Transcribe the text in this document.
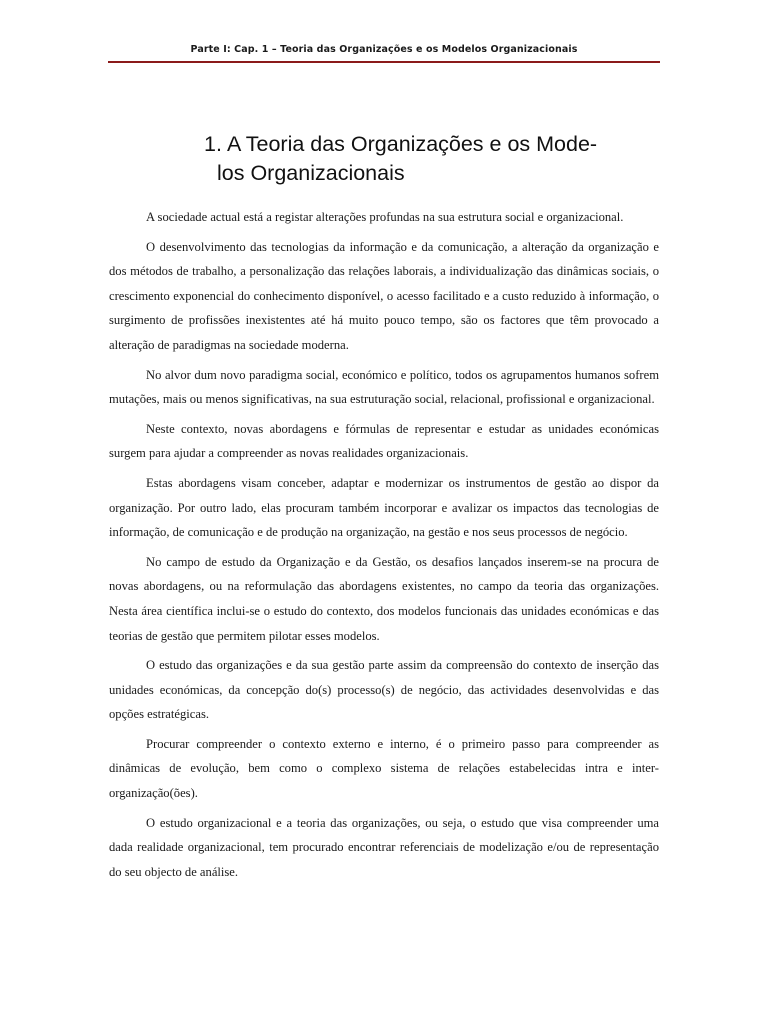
Parte I: Cap. 1 – Teoria das Organizações e os Modelos Organizacionais
1. A Teoria das Organizações e os Mode-
los Organizacionais

A sociedade actual está a registar alterações profundas na sua estrutura social e organizacional.

O desenvolvimento das tecnologias da informação e da comunicação, a alteração da organização e dos métodos de trabalho, a personalização das relações laborais, a individualização das dinâmicas sociais, o crescimento exponencial do conhecimento disponível, o acesso facilitado e a custo reduzido à informação, o surgimento de profissões inexistentes até há muito pouco tempo, são os factores que têm provocado a alteração de paradigmas na sociedade moderna.

No alvor dum novo paradigma social, económico e político, todos os agrupamentos humanos sofrem mutações, mais ou menos significativas, na sua estruturação social, relacional, profissional e organizacional.

Neste contexto, novas abordagens e fórmulas de representar e estudar as unidades económicas surgem para ajudar a compreender as novas realidades organizacionais.

Estas abordagens visam conceber, adaptar e modernizar os instrumentos de gestão ao dispor da organização. Por outro lado, elas procuram também incorporar e avalizar os impactos das tecnologias de informação, de comunicação e de produção na organização, na gestão e nos seus processos de negócio.

No campo de estudo da Organização e da Gestão, os desafios lançados inserem-se na procura de novas abordagens, ou na reformulação das abordagens existentes, no campo da teoria das organizações. Nesta área científica inclui-se o estudo do contexto, dos modelos funcionais das unidades económicas e das teorias de gestão que permitem pilotar esses modelos.

O estudo das organizações e da sua gestão parte assim da compreensão do contexto de inserção das unidades económicas, da concepção do(s) processo(s) de negócio, das actividades desenvolvidas e das opções estratégicas.

Procurar compreender o contexto externo e interno, é o primeiro passo para compreender as dinâmicas de evolução, bem como o complexo sistema de relações estabelecidas intra e inter-organização(ões).

O estudo organizacional e a teoria das organizações, ou seja, o estudo que visa compreender uma dada realidade organizacional, tem procurado encontrar referenciais de modelização e/ou de representação do seu objecto de análise.
